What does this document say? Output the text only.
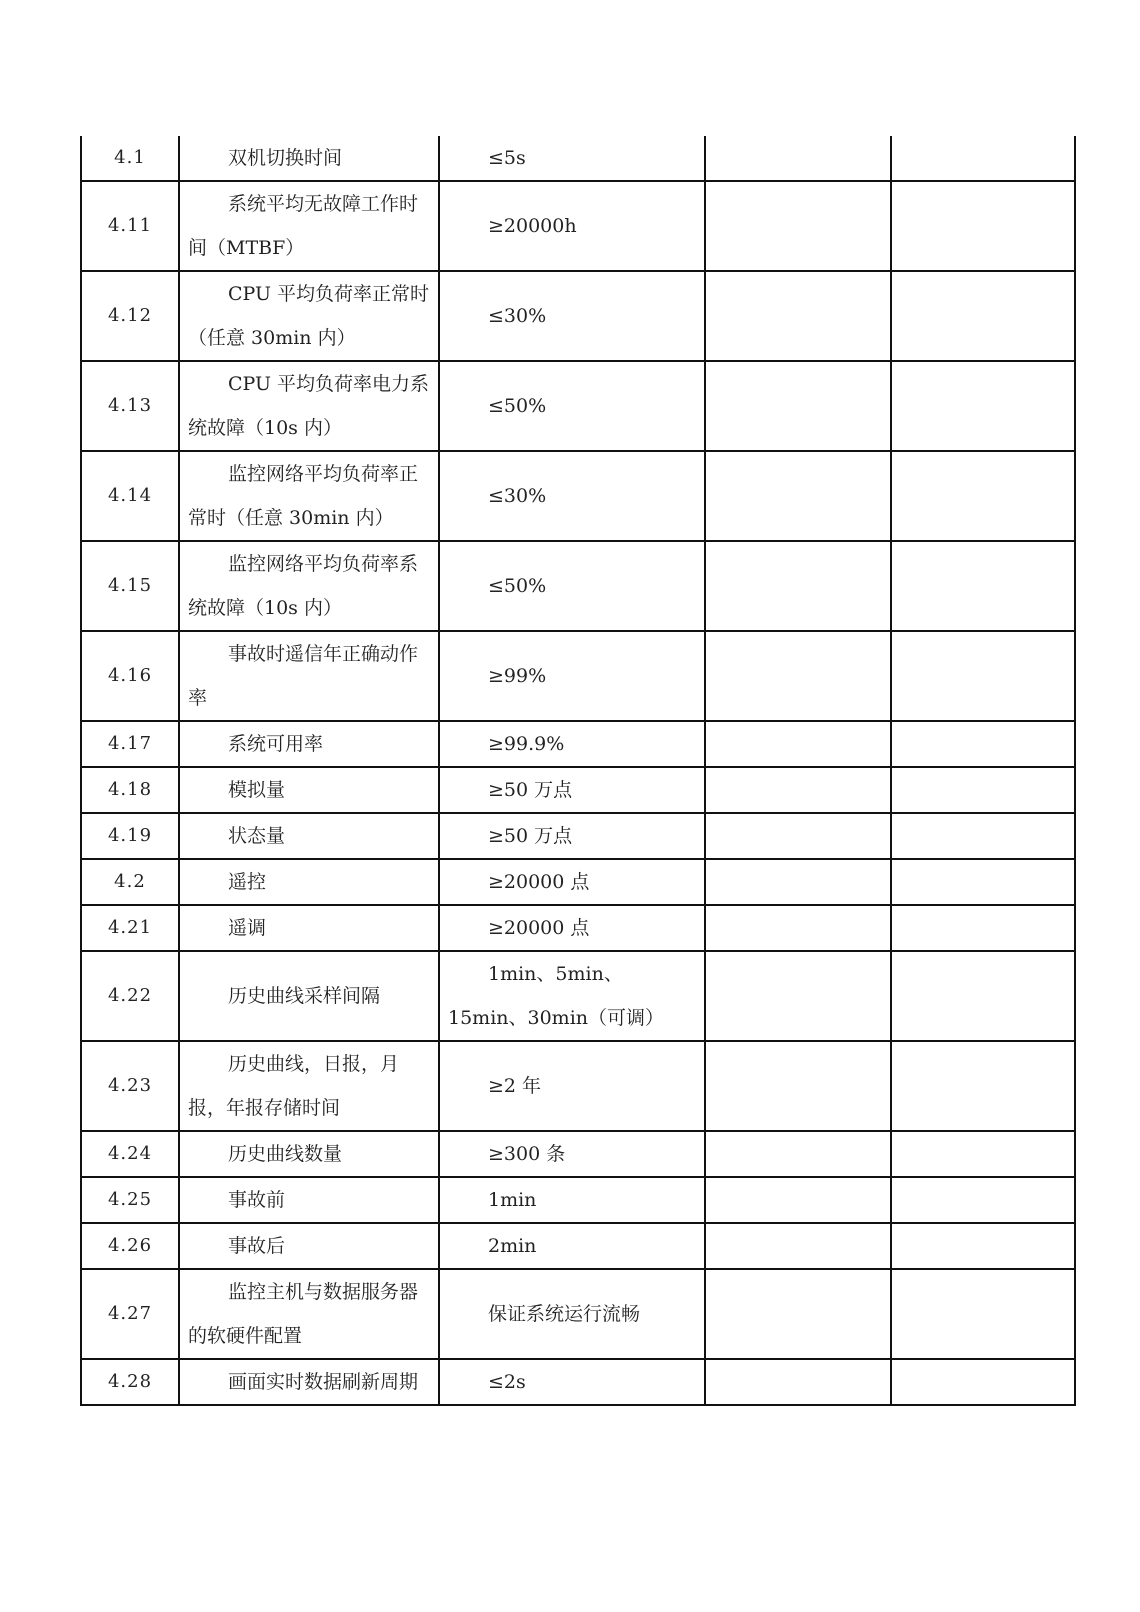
4.1	双机切换时间	≤5s		

4.11	系统平均无故障工作时间（MTBF）	≥20000h		

4.12	CPU 平均负荷率正常时（任意 30min 内）	≤30%		

4.13	CPU 平均负荷率电力系统故障（10s 内）	≤50%		

4.14	监控网络平均负荷率正常时（任意 30min 内）	≤30%		

4.15	监控网络平均负荷率系统故障（10s 内）	≤50%		

4.16	事故时遥信年正确动作率	≥99%		

4.17	系统可用率	≥99.9%		

4.18	模拟量	≥50 万点		

4.19	状态量	≥50 万点		

4.2	遥控	≥20000 点		

4.21	遥调	≥20000 点		

4.22	历史曲线采样间隔	1min、5min、15min、30min（可调）		

4.23	历史曲线，日报，月报，年报存储时间	≥2 年		

4.24	历史曲线数量	≥300 条		

4.25	事故前	1min		

4.26	事故后	2min		

4.27	监控主机与数据服务器的软硬件配置	保证系统运行流畅		

4.28	画面实时数据刷新周期	≤2s		
